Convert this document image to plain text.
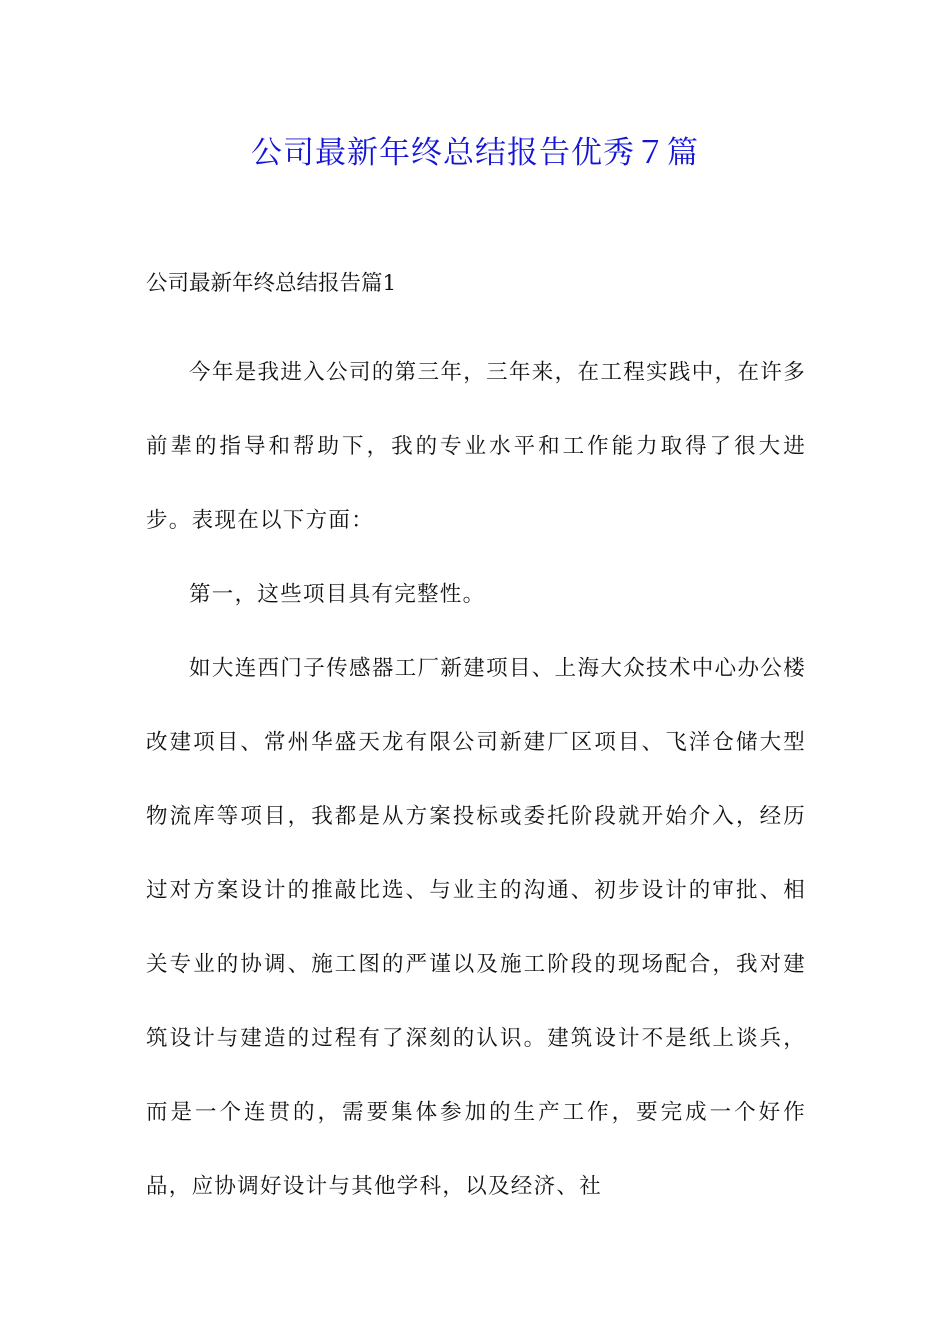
公司最新年终总结报告优秀７篇

公司最新年终总结报告篇1

今年是我进入公司的第三年，三年来，在工程实践中，在许多前辈的指导和帮助下，我的专业水平和工作能力取得了很大进步。表现在以下方面：

第一，这些项目具有完整性。

如大连西门子传感器工厂新建项目、上海大众技术中心办公楼改建项目、常州华盛天龙有限公司新建厂区项目、飞洋仓储大型物流库等项目，我都是从方案投标或委托阶段就开始介入，经历过对方案设计的推敲比选、与业主的沟通、初步设计的审批、相关专业的协调、施工图的严谨以及施工阶段的现场配合，我对建筑设计与建造的过程有了深刻的认识。建筑设计不是纸上谈兵，而是一个连贯的，需要集体参加的生产工作，要完成一个好作品，应协调好设计与其他学科，以及经济、社
